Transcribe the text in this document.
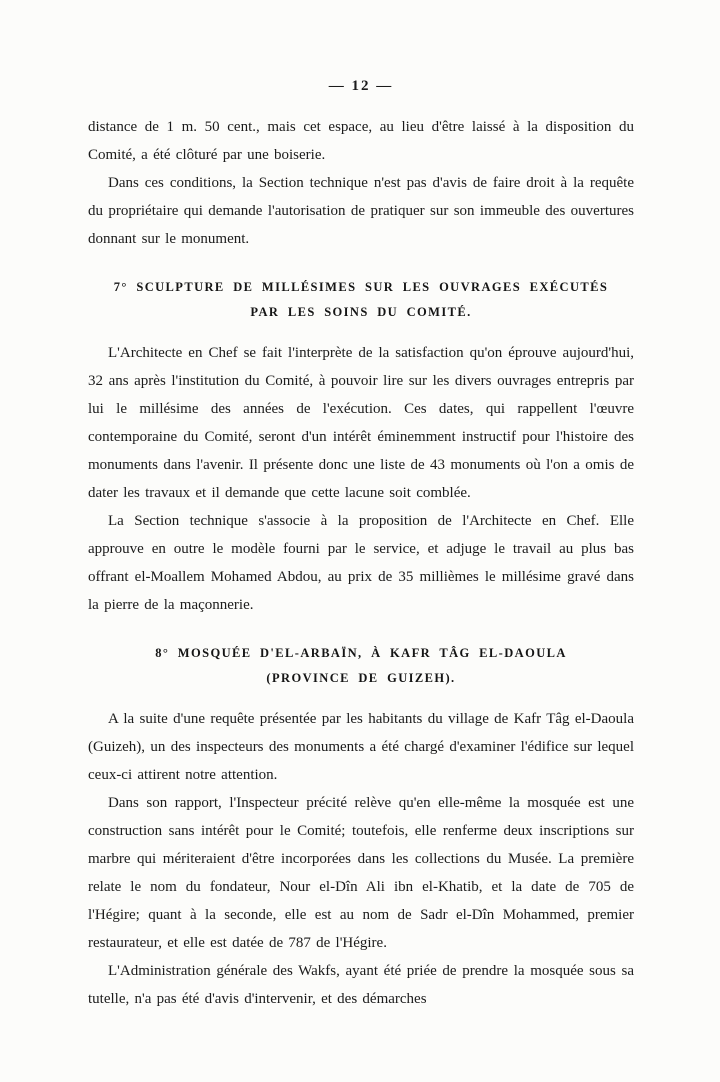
— 12 —

distance de 1 m. 50 cent., mais cet espace, au lieu d'être laissé à la disposition du Comité, a été clôturé par une boiserie.

Dans ces conditions, la Section technique n'est pas d'avis de faire droit à la requête du propriétaire qui demande l'autorisation de pratiquer sur son immeuble des ouvertures donnant sur le monument.

7° SCULPTURE DE MILLÉSIMES SUR LES OUVRAGES EXÉCUTÉS
PAR LES SOINS DU COMITÉ.

L'Architecte en Chef se fait l'interprète de la satisfaction qu'on éprouve aujourd'hui, 32 ans après l'institution du Comité, à pouvoir lire sur les divers ouvrages entrepris par lui le millésime des années de l'exécution. Ces dates, qui rappellent l'œuvre contemporaine du Comité, seront d'un intérêt éminemment instructif pour l'histoire des monuments dans l'avenir. Il présente donc une liste de 43 monuments où l'on a omis de dater les travaux et il demande que cette lacune soit comblée.

La Section technique s'associe à la proposition de l'Architecte en Chef. Elle approuve en outre le modèle fourni par le service, et adjuge le travail au plus bas offrant el-Moallem Mohamed Abdou, au prix de 35 millièmes le millésime gravé dans la pierre de la maçonnerie.

8° MOSQUÉE D'EL-ARBAÏN, À KAFR TÂG EL-DAOULA
(PROVINCE DE GUIZEH).

A la suite d'une requête présentée par les habitants du village de Kafr Tâg el-Daoula (Guizeh), un des inspecteurs des monuments a été chargé d'examiner l'édifice sur lequel ceux-ci attirent notre attention.

Dans son rapport, l'Inspecteur précité relève qu'en elle-même la mosquée est une construction sans intérêt pour le Comité; toutefois, elle renferme deux inscriptions sur marbre qui mériteraient d'être incorporées dans les collections du Musée. La première relate le nom du fondateur, Nour el-Dîn Ali ibn el-Khatib, et la date de 705 de l'Hégire; quant à la seconde, elle est au nom de Sadr el-Dîn Mohammed, premier restaurateur, et elle est datée de 787 de l'Hégire.

L'Administration générale des Wakfs, ayant été priée de prendre la mosquée sous sa tutelle, n'a pas été d'avis d'intervenir, et des démarches
